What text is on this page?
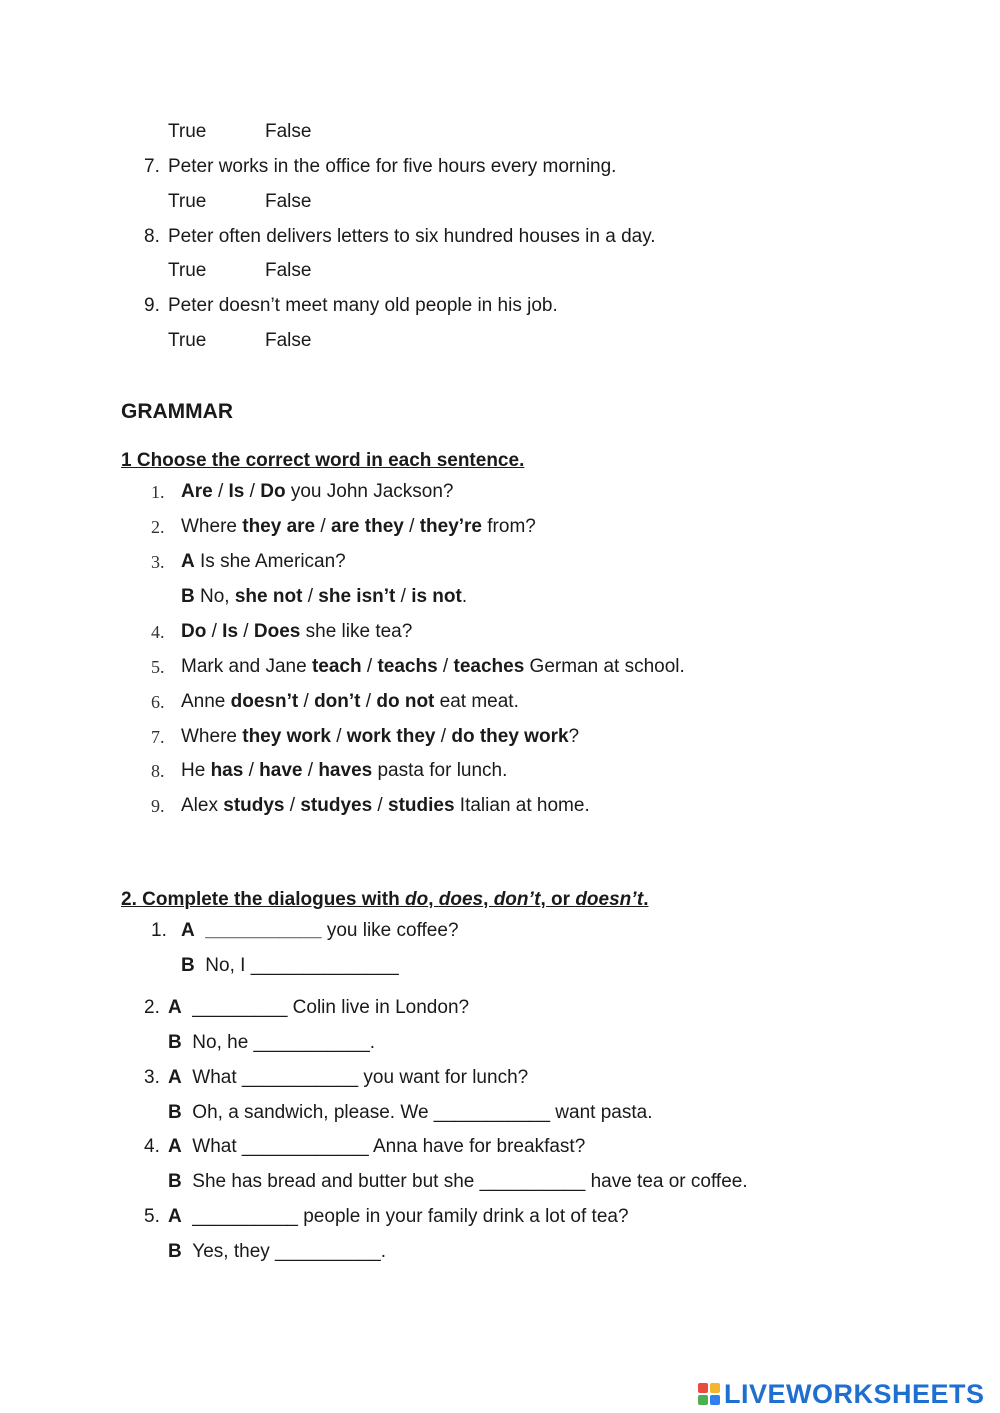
True	False
7. Peter works in the office for five hours every morning.
True	False
8. Peter often delivers letters to six hundred houses in a day.
True	False
9. Peter doesn’t meet many old people in his job.
True	False
GRAMMAR
1 Choose the correct word in each sentence.
1. Are / Is / Do you John Jackson?
2. Where they are / are they / they’re from?
3. A Is she American?
B No, she not / she isn’t / is not.
4. Do / Is / Does she like tea?
5. Mark and Jane teach / teachs / teaches German at school.
6. Anne doesn’t / don’t / do not eat meat.
7. Where they work / work they / do they work?
8. He has / have / haves pasta for lunch.
9. Alex studys / studyes / studies Italian at home.
2. Complete the dialogues with do, does, don’t, or doesn’t.
1. A ___________ you like coffee?
B No, I ______________
2. A _________ Colin live in London?
B No, he ___________.
3. A What ___________ you want for lunch?
B Oh, a sandwich, please. We ___________ want pasta.
4. A What ____________ Anna have for breakfast?
B She has bread and butter but she __________ have tea or coffee.
5. A __________ people in your family drink a lot of tea?
B Yes, they __________.
LIVEWORKSHEETS
